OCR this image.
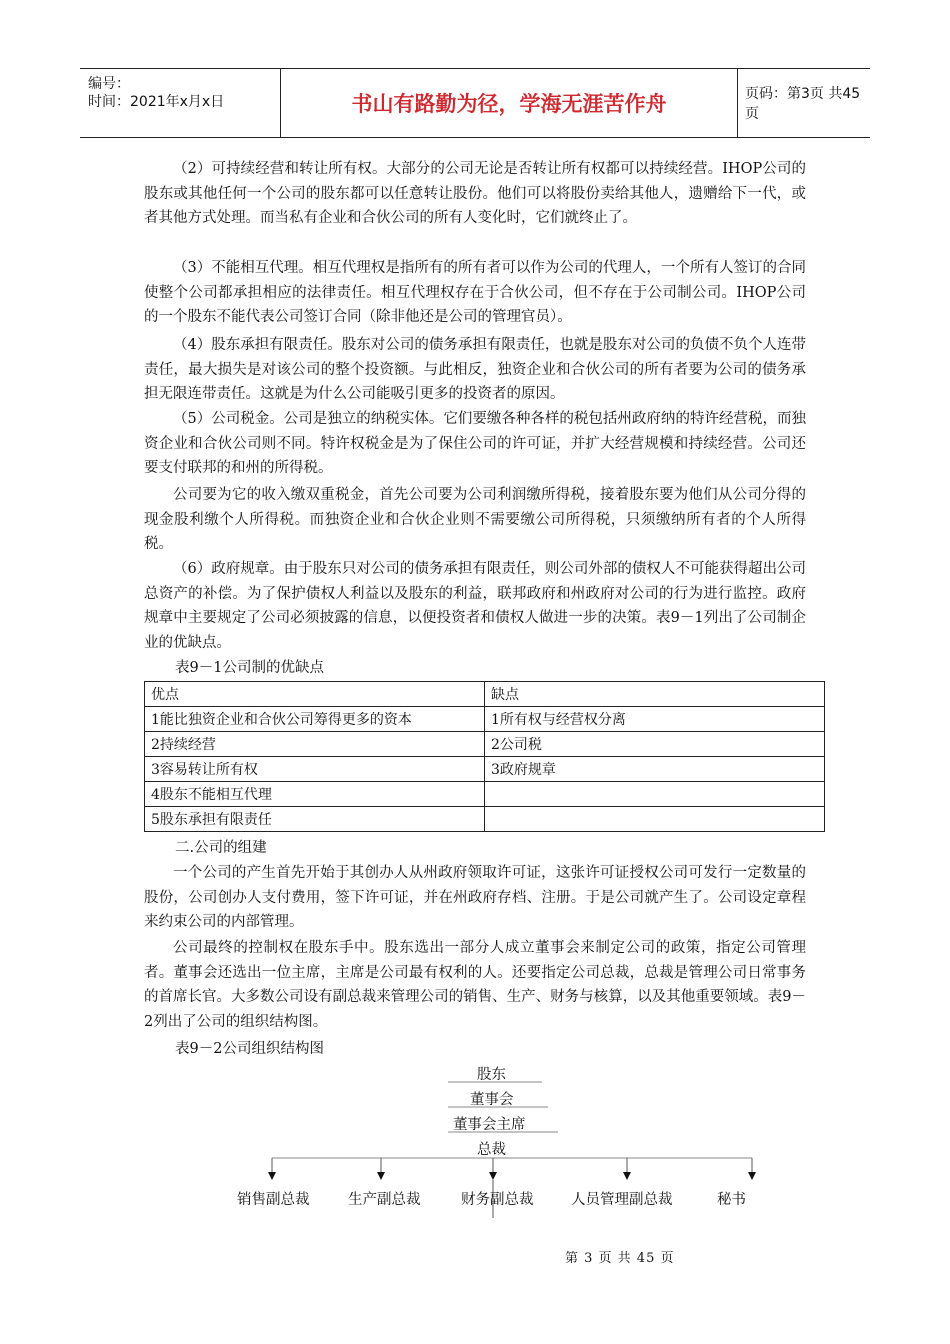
编号：
时间：2021年x月x日	书山有路勤为径，学海无涯苦作舟	页码：第3页 共45页

（2）可持续经营和转让所有权。大部分的公司无论是否转让所有权都可以持续经营。IHOP公司的股东或其他任何一个公司的股东都可以任意转让股份。他们可以将股份卖给其他人，遗赠给下一代，或者其他方式处理。而当私有企业和合伙公司的所有人变化时，它们就终止了。

（3）不能相互代理。相互代理权是指所有的所有者可以作为公司的代理人，一个所有人签订的合同使整个公司都承担相应的法律责任。相互代理权存在于合伙公司，但不存在于公司制公司。IHOP公司的一个股东不能代表公司签订合同（除非他还是公司的管理官员）。

（4）股东承担有限责任。股东对公司的债务承担有限责任，也就是股东对公司的负债不负个人连带责任，最大损失是对该公司的整个投资额。与此相反，独资企业和合伙公司的所有者要为公司的债务承担无限连带责任。这就是为什么公司能吸引更多的投资者的原因。

（5）公司税金。公司是独立的纳税实体。它们要缴各种各样的税包括州政府纳的特许经营税，而独资企业和合伙公司则不同。特许权税金是为了保住公司的许可证，并扩大经营规模和持续经营。公司还要支付联邦的和州的所得税。

公司要为它的收入缴双重税金，首先公司要为公司利润缴所得税，接着股东要为他们从公司分得的现金股利缴个人所得税。而独资企业和合伙企业则不需要缴公司所得税，只须缴纳所有者的个人所得税。

（6）政府规章。由于股东只对公司的债务承担有限责任，则公司外部的债权人不可能获得超出公司总资产的补偿。为了保护债权人利益以及股东的利益，联邦政府和州政府对公司的行为进行监控。政府规章中主要规定了公司必须披露的信息，以便投资者和债权人做进一步的决策。表9－1列出了公司制企业的优缺点。

表9－1公司制的优缺点

优点	缺点
1能比独资企业和合伙公司筹得更多的资本	1所有权与经营权分离
2持续经营	2公司税
3容易转让所有权	3政府规章
4股东不能相互代理	
5股东承担有限责任	

二.公司的组建

一个公司的产生首先开始于其创办人从州政府领取许可证，这张许可证授权公司可发行一定数量的股份，公司创办人支付费用，签下许可证，并在州政府存档、注册。于是公司就产生了。公司设定章程来约束公司的内部管理。

公司最终的控制权在股东手中。股东选出一部分人成立董事会来制定公司的政策，指定公司管理者。董事会还选出一位主席，主席是公司最有权利的人。还要指定公司总裁，总裁是管理公司日常事务的首席长官。大多数公司设有副总裁来管理公司的销售、生产、财务与核算，以及其他重要领域。表9－2列出了公司的组织结构图。

表9－2公司组织结构图

股东
董事会
董事会主席
总裁
销售副总裁	生产副总裁	财务副总裁	人员管理副总裁	秘书
第 3 页 共 45 页
